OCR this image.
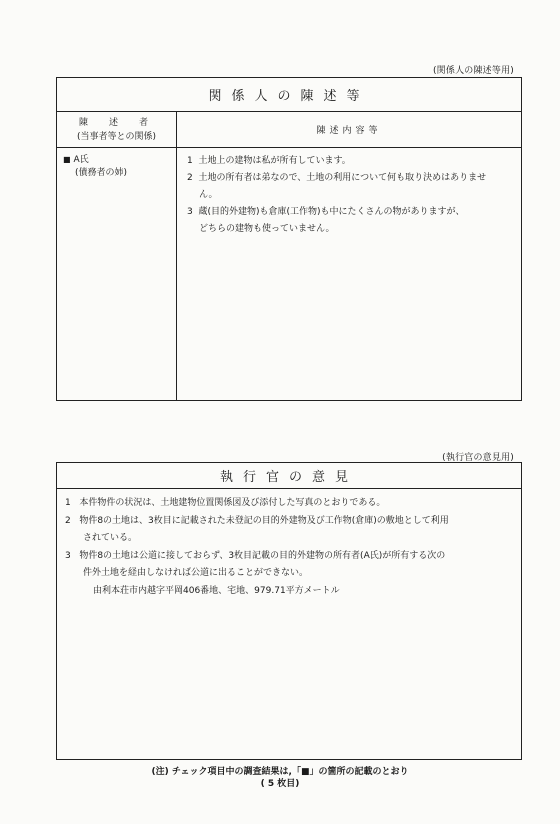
(関係人の陳述等用)
関係人の陳述等
陳　述　者
(当事者等との関係)
陳述内容等
■ A氏
(債務者の姉)

1 土地上の建物は私が所有しています。

2 土地の所有者は弟なので、土地の利用について何も取り決めはありませ

ん。

3 蔵(目的外建物)も倉庫(工作物)も中にたくさんの物がありますが、

どちらの建物も使っていません。

(執行官の意見用)
執行官の意見

1 本件物件の状況は、土地建物位置関係図及び添付した写真のとおりである。

2 物件8の土地は、3枚目に記載された未登記の目的外建物及び工作物(倉庫)の敷地として利用

されている。

3 物件8の土地は公道に接しておらず、3枚目記載の目的外建物の所有者(A氏)が所有する次の

件外土地を経由しなければ公道に出ることができない。

由利本荘市内越字平岡406番地、宅地、979.71平方メートル

(注) チェック項目中の調査結果は,「■」の箇所の記載のとおり
( 5 枚目)
